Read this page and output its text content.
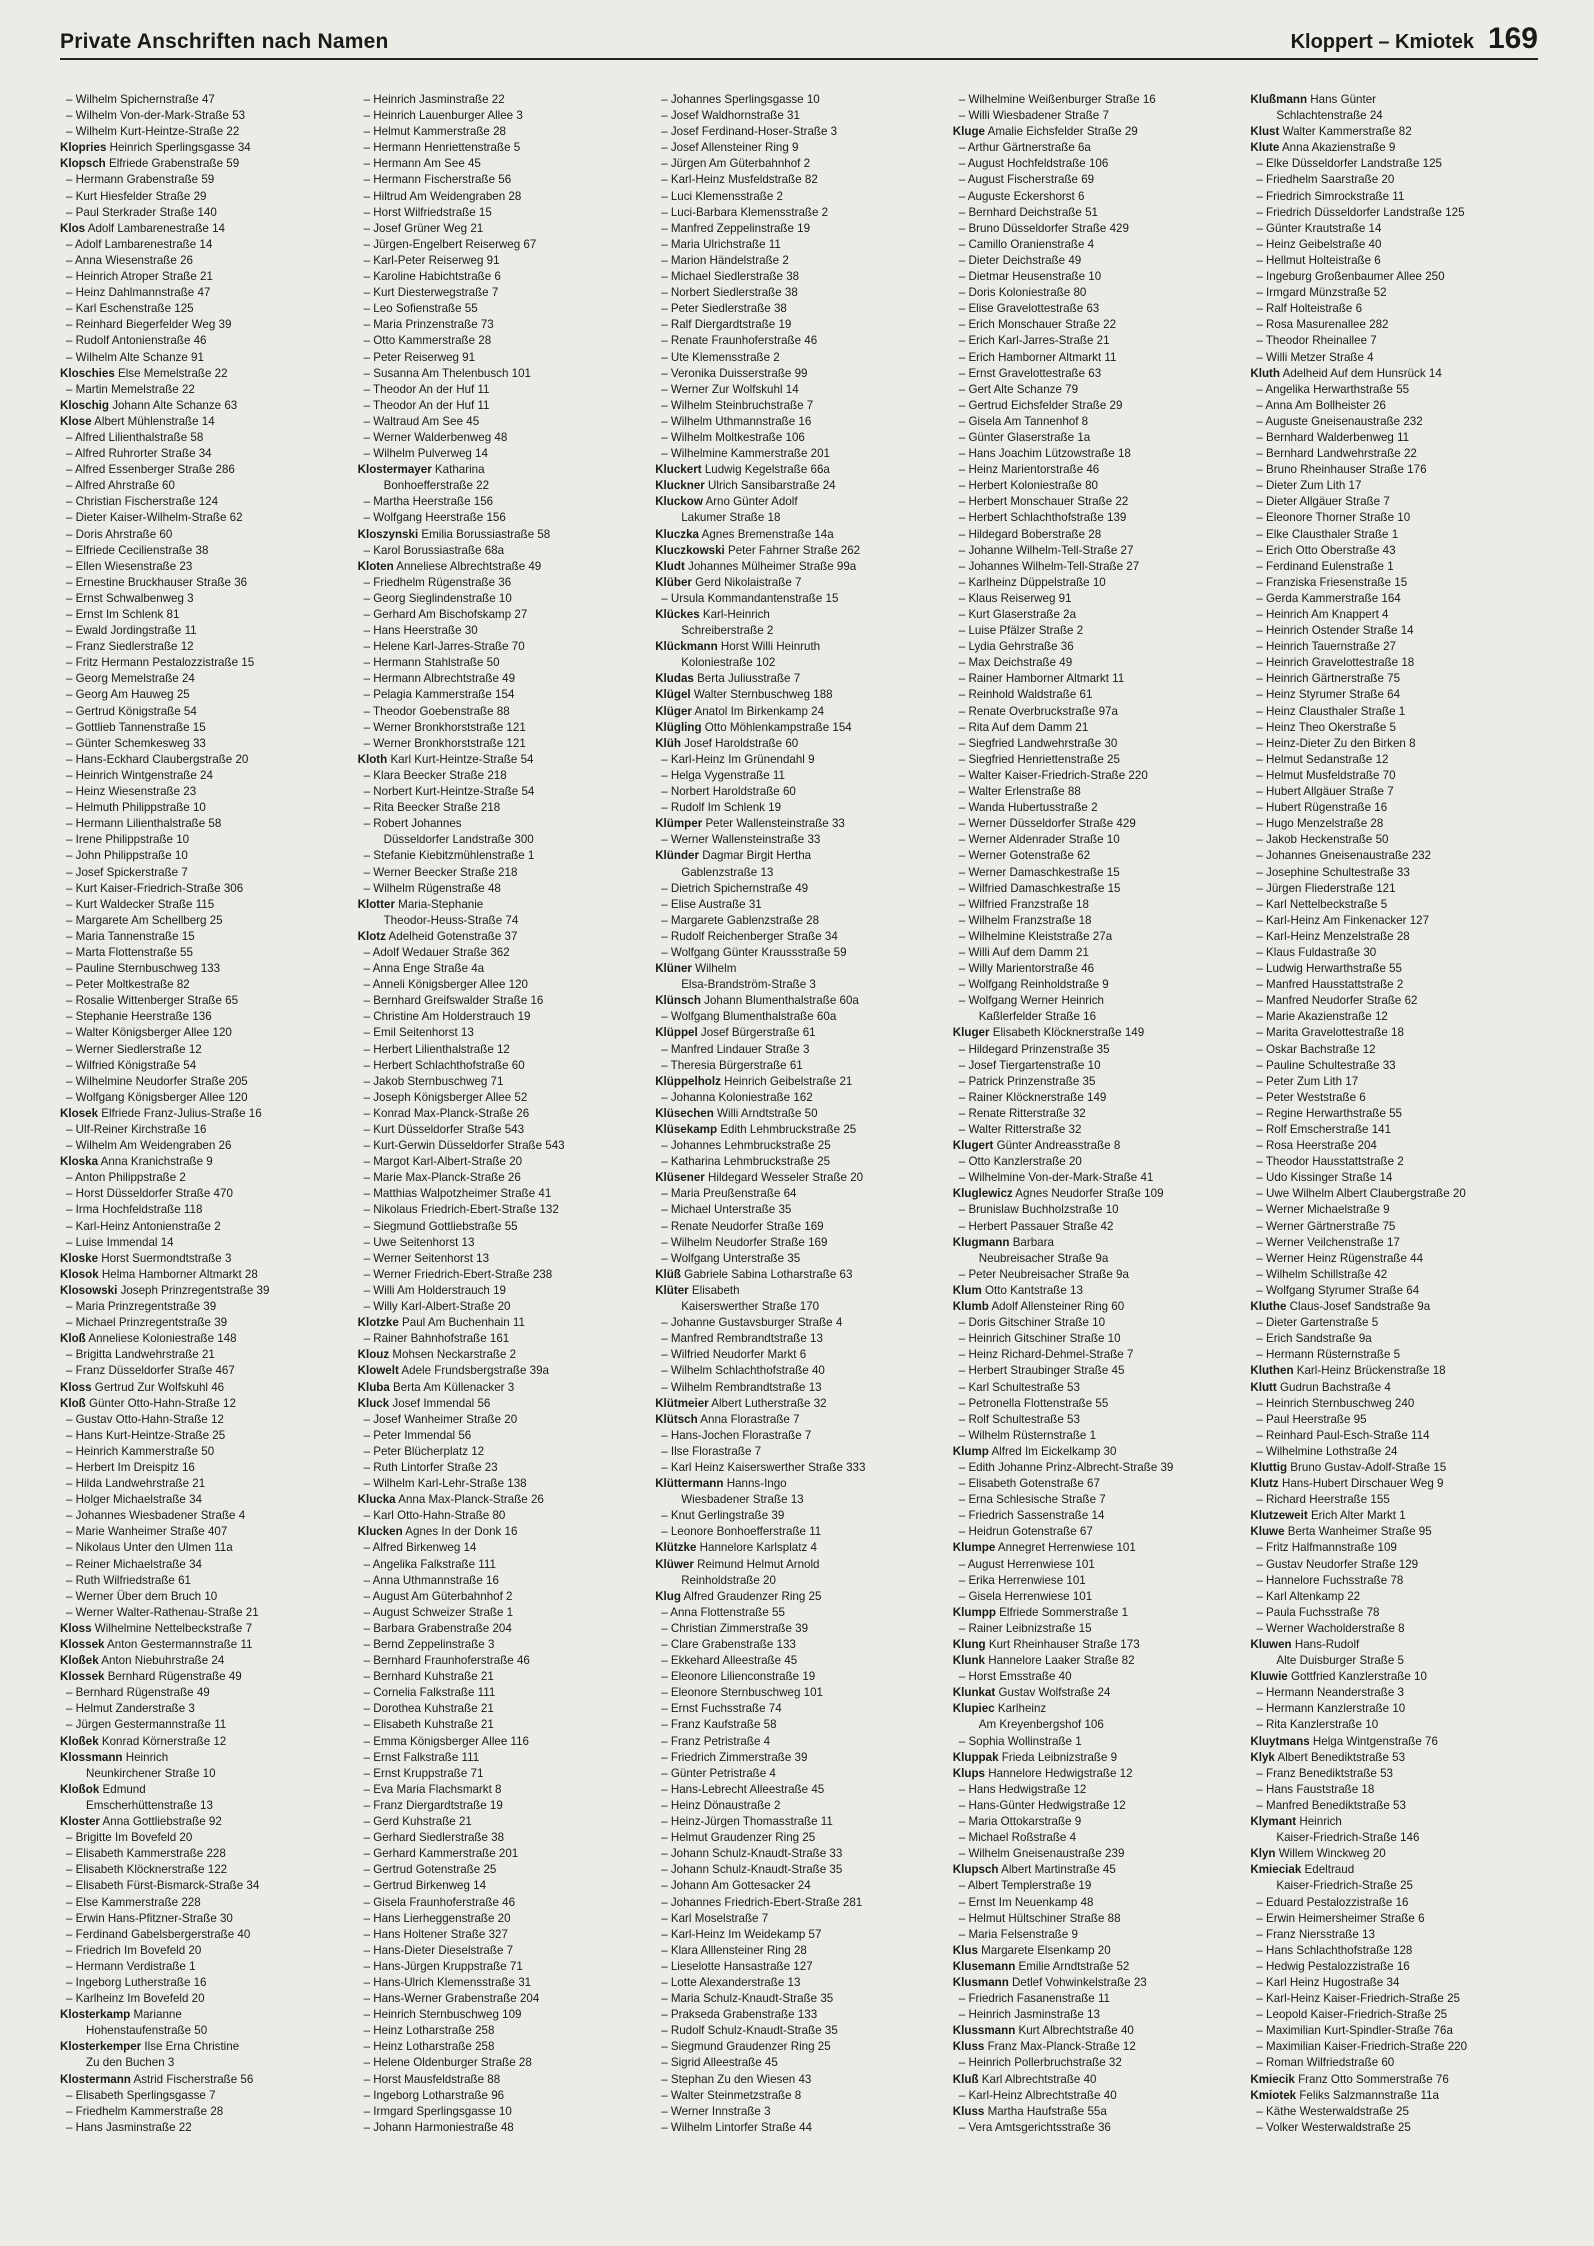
Private Anschriften nach Namen	Kloppert – Kmiotek 169
– Wilhelm Spichernstraße 47
– Wilhelm Von-der-Mark-Straße 53
– Wilhelm Kurt-Heintze-Straße 22
Klopries Heinrich Sperlingsgasse 34
Klopsch Elfriede Grabenstraße 59
– Hermann Grabenstraße 59
– Kurt Hiesfelder Straße 29
– Paul Sterkrader Straße 140
Klos Adolf Lambarenestraße 14
– Adolf Lambarenestraße 14
– Anna Wiesenstraße 26
– Heinrich Atroper Straße 21
– Heinz Dahlmannstraße 47
– Karl Eschenstraße 125
– Reinhard Biegerfelder Weg 39
– Rudolf Antonienstraße 46
– Wilhelm Alte Schanze 91
Kloschies Else Memelstraße 22
– Martin Memelstraße 22
Kloschig Johann Alte Schanze 63
Klose Albert Mühlenstraße 14
– Alfred Lilienthalstraße 58
– Alfred Ruhrorter Straße 34
– Alfred Essenberger Straße 286
– Alfred Ahrstraße 60
– Christian Fischerstraße 124
– Dieter Kaiser-Wilhelm-Straße 62
– Doris Ahrstraße 60
– Elfriede Cecilienstraße 38
– Ellen Wiesenstraße 23
– Ernestine Bruckhauser Straße 36
– Ernst Schwalbenweg 3
– Ernst Im Schlenk 81
– Ewald Jordingstraße 11
– Franz Siedlerstraße 12
– Fritz Hermann Pestalozzistraße 15
– Georg Memelstraße 24
– Georg Am Hauweg 25
– Gertrud Königstraße 54
– Gottlieb Tannenstraße 15
– Günter Schemkesweg 33
– Hans-Eckhard Claubergstraße 20
– Heinrich Wintgenstraße 24
– Heinz Wiesenstraße 23
– Helmuth Philippstraße 10
– Hermann Lilienthalstraße 58
– Irene Philippstraße 10
– John Philippstraße 10
– Josef Spickerstraße 7
– Kurt Kaiser-Friedrich-Straße 306
– Kurt Waldecker Straße 115
– Margarete Am Schellberg 25
– Maria Tannenstraße 15
– Marta Flottenstraße 55
– Pauline Sternbuschweg 133
– Peter Moltkestraße 82
– Rosalie Wittenberger Straße 65
– Stephanie Heerstraße 136
– Walter Königsberger Allee 120
– Werner Siedlerstraße 12
– Wilfried Königstraße 54
– Wilhelmine Neudorfer Straße 205
– Wolfgang Königsberger Allee 120
Klosek Elfriede Franz-Julius-Straße 16
– Ulf-Reiner Kirchstraße 16
– Wilhelm Am Weidengraben 26
Kloska Anna Kranichstraße 9
– Anton Philippstraße 2
– Horst Düsseldorfer Straße 470
– Irma Hochfeldstraße 118
– Karl-Heinz Antonienstraße 2
– Luise Immendal 14
Kloske Horst Suermondtstraße 3
Klosok Helma Hamborner Altmarkt 28
Klosowski Joseph Prinzregentstraße 39
– Maria Prinzregentstraße 39
– Michael Prinzregentstraße 39
Kloß Anneliese Koloniestraße 148
– Brigitta Landwehrstraße 21
– Franz Düsseldorfer Straße 467
Kloss Gertrud Zur Wolfskuhl 46
Kloß Günter Otto-Hahn-Straße 12
– Gustav Otto-Hahn-Straße 12
– Hans Kurt-Heintze-Straße 25
– Heinrich Kammerstraße 50
– Herbert Im Dreispitz 16
– Hilda Landwehrstraße 21
– Holger Michaelstraße 34
– Johannes Wiesbadener Straße 4
– Marie Wanheimer Straße 407
– Nikolaus Unter den Ulmen 11a
– Reiner Michaelstraße 34
– Ruth Wilfriedstraße 61
– Werner Über dem Bruch 10
– Werner Walter-Rathenau-Straße 21
Kloss Wilhelmine Nettelbeckstraße 7
Klossek Anton Gestermannstraße 11
Kloßek Anton Niebuhrstraße 24
Klossek Bernhard Rügenstraße 49
– Bernhard Rügenstraße 49
– Helmut Zanderstraße 3
– Jürgen Gestermannstraße 11
Kloßek Konrad Körnerstraße 12
Klossmann Heinrich
Neunkirchener Straße 10
Kloßok Edmund
Emscherhüttenstraße 13
Kloster Anna Gottliebstraße 92
– Brigitte Im Bovefeld 20
– Elisabeth Kammerstraße 228
– Elisabeth Klöcknerstraße 122
– Elisabeth Fürst-Bismarck-Straße 34
– Else Kammerstraße 228
– Erwin Hans-Pfitzner-Straße 30
– Ferdinand Gabelsbergerstraße 40
– Friedrich Im Bovefeld 20
– Hermann Verdistraße 1
– Ingeborg Lutherstraße 16
– Karlheinz Im Bovefeld 20
Klosterkamp Marianne
Hohenstaufenstraße 50
Klosterkemper Ilse Erna Christine
Zu den Buchen 3
Klostermann Astrid Fischerstraße 56
– Elisabeth Sperlingsgasse 7
– Friedhelm Kammerstraße 28
– Hans Jasminstraße 22
– Heinrich Jasminstraße 22
– Heinrich Lauenburger Allee 3
– Helmut Kammerstraße 28
– Hermann Henriettenstraße 5
– Hermann Am See 45
– Hermann Fischerstraße 56
– Hiltrud Am Weidengraben 28
– Horst Wilfriedstraße 15
– Josef Grüner Weg 21
– Jürgen-Engelbert Reiserweg 67
– Karl-Peter Reiserweg 91
– Karoline Habichtstraße 6
– Kurt Diesterwegstraße 7
– Leo Sofienstraße 55
– Maria Prinzenstraße 73
– Otto Kammerstraße 28
– Peter Reiserweg 91
– Susanna Am Thelenbusch 101
– Theodor An der Huf 11
– Theodor An der Huf 11
– Waltraud Am See 45
– Werner Walderbenweg 48
– Wilhelm Pulverweg 14
Klostermayer Katharina
Bonhoefferstraße 22
– Martha Heerstraße 156
– Wolfgang Heerstraße 156
Kloszynski Emilia Borussiastraße 58
– Karol Borussiastraße 68a
Kloten Anneliese Albrechtstraße 49
– Friedhelm Rügenstraße 36
– Georg Sieglindenstraße 10
– Gerhard Am Bischofskamp 27
– Hans Heerstraße 30
– Helene Karl-Jarres-Straße 70
– Hermann Stahlstraße 50
– Hermann Albrechtstraße 49
– Pelagia Kammerstraße 154
– Theodor Goebenstraße 88
– Werner Bronkhorststraße 121
– Werner Bronkhorststraße 121
Kloth Karl Kurt-Heintze-Straße 54
– Klara Beecker Straße 218
– Norbert Kurt-Heintze-Straße 54
– Rita Beecker Straße 218
– Robert Johannes
Düsseldorfer Landstraße 300
– Stefanie Kiebitzmühlenstraße 1
– Werner Beecker Straße 218
– Wilhelm Rügenstraße 48
Klotter Maria-Stephanie
Theodor-Heuss-Straße 74
Klotz Adelheid Gotenstraße 37
– Adolf Wedauer Straße 362
– Anna Enge Straße 4a
– Anneli Königsberger Allee 120
– Bernhard Greifswalder Straße 16
– Christine Am Holderstrauch 19
– Emil Seitenhorst 13
– Herbert Lilienthalstraße 12
– Herbert Schlachthofstraße 60
– Jakob Sternbuschweg 71
– Joseph Königsberger Allee 52
– Konrad Max-Planck-Straße 26
– Kurt Düsseldorfer Straße 543
– Kurt-Gerwin Düsseldorfer Straße 543
– Margot Karl-Albert-Straße 20
– Marie Max-Planck-Straße 26
– Matthias Walpotzheimer Straße 41
– Nikolaus Friedrich-Ebert-Straße 132
– Siegmund Gottliebstraße 55
– Uwe Seitenhorst 13
– Werner Seitenhorst 13
– Werner Friedrich-Ebert-Straße 238
– Willi Am Holderstrauch 19
– Willy Karl-Albert-Straße 20
Klotzke Paul Am Buchenhain 11
– Rainer Bahnhofstraße 161
Klouz Mohsen Neckarstraße 2
Klowelt Adele Frundsbergstraße 39a
Kluba Berta Am Küllenacker 3
Kluck Josef Immendal 56
– Josef Wanheimer Straße 20
– Peter Immendal 56
– Peter Blücherplatz 12
– Ruth Lintorfer Straße 23
– Wilhelm Karl-Lehr-Straße 138
Klucka Anna Max-Planck-Straße 26
– Karl Otto-Hahn-Straße 80
Klucken Agnes In der Donk 16
– Alfred Birkenweg 14
– Angelika Falkstraße 111
– Anna Uthmannstraße 16
– August Am Güterbahnhof 2
– August Schweizer Straße 1
– Barbara Grabenstraße 204
– Bernd Zeppelinstraße 3
– Bernhard Fraunhoferstraße 46
– Bernhard Kuhstraße 21
– Cornelia Falkstraße 111
– Dorothea Kuhstraße 21
– Elisabeth Kuhstraße 21
– Emma Königsberger Allee 116
– Ernst Falkstraße 111
– Ernst Kruppstraße 71
– Eva Maria Flachsmarkt 8
– Franz Diergardtstraße 19
– Gerd Kuhstraße 21
– Gerhard Siedlerstraße 38
– Gerhard Kammerstraße 201
– Gertrud Gotenstraße 25
– Gertrud Birkenweg 14
– Gisela Fraunhoferstraße 46
– Hans Lierheggenstraße 20
– Hans Holtener Straße 327
– Hans-Dieter Dieselstraße 7
– Hans-Jürgen Kruppstraße 71
– Hans-Ulrich Klemensstraße 31
– Hans-Werner Grabenstraße 204
– Heinrich Sternbuschweg 109
– Heinz Lotharstraße 258
– Heinz Lotharstraße 258
– Helene Oldenburger Straße 28
– Horst Mausfeldstraße 88
– Ingeborg Lotharstraße 96
– Irmgard Sperlingsgasse 10
– Johann Harmoniestraße 48
– Johannes Sperlingsgasse 10
– Josef Waldhornstraße 31
– Josef Ferdinand-Hoser-Straße 3
– Josef Allensteiner Ring 9
– Jürgen Am Güterbahnhof 2
– Karl-Heinz Musfeldstraße 82
– Luci Klemensstraße 2
– Luci-Barbara Klemensstraße 2
– Manfred Zeppelinstraße 19
– Maria Ulrichstraße 11
– Marion Händelstraße 2
– Michael Siedlerstraße 38
– Norbert Siedlerstraße 38
– Peter Siedlerstraße 38
– Ralf Diergardtstraße 19
– Renate Fraunhoferstraße 46
– Ute Klemensstraße 2
– Veronika Duisserstraße 99
– Werner Zur Wolfskuhl 14
– Wilhelm Steinbruchstraße 7
– Wilhelm Uthmannstraße 16
– Wilhelm Moltkestraße 106
– Wilhelmine Kammerstraße 201
Kluckert Ludwig Kegelstraße 66a
Kluckner Ulrich Sansibarstraße 24
Kluckow Arno Günter Adolf
Lakumer Straße 18
Kluczka Agnes Bremenstraße 14a
Kluczkowski Peter Fahrner Straße 262
Kludt Johannes Mülheimer Straße 99a
Klüber Gerd Nikolaistraße 7
– Ursula Kommandantenstraße 15
Klückes Karl-Heinrich
Schreiberstraße 2
Klückmann Horst Willi Heinruth
Koloniestraße 102
Kludas Berta Juliusstraße 7
Klügel Walter Sternbuschweg 188
Klüger Anatol Im Birkenkamp 24
Klügling Otto Möhlenkampstraße 154
Klüh Josef Haroldstraße 60
– Karl-Heinz Im Grünendahl 9
– Helga Vygenstraße 11
– Norbert Haroldstraße 60
– Rudolf Im Schlenk 19
Klümper Peter Wallensteinstraße 33
– Werner Wallensteinstraße 33
Klünder Dagmar Birgit Hertha
Gablenzstraße 13
– Dietrich Spichernstraße 49
– Elise Austraße 31
– Margarete Gablenzstraße 28
– Rudolf Reichenberger Straße 34
– Wolfgang Günter Kraussstraße 59
Klüner Wilhelm
Elsa-Brandström-Straße 3
Klünsch Johann Blumenthalstraße 60a
– Wolfgang Blumenthalstraße 60a
Klüppel Josef Bürgerstraße 61
– Manfred Lindauer Straße 3
– Theresia Bürgerstraße 61
Klüppelholz Heinrich Geibelstraße 21
– Johanna Koloniestraße 162
Klüsechen Willi Arndtstraße 50
Klüsekamp Edith Lehmbruckstraße 25
– Johannes Lehmbruckstraße 25
– Katharina Lehmbruckstraße 25
Klüsener Hildegard Wesseler Straße 20
– Maria Preußenstraße 64
– Michael Unterstraße 35
– Renate Neudorfer Straße 169
– Wilhelm Neudorfer Straße 169
– Wolfgang Unterstraße 35
Klüß Gabriele Sabina Lotharstraße 63
Klüter Elisabeth
Kaiserswerther Straße 170
– Johanne Gustavsburger Straße 4
– Manfred Rembrandtstraße 13
– Wilfried Neudorfer Markt 6
– Wilhelm Schlachthofstraße 40
– Wilhelm Rembrandtstraße 13
Klütmeier Albert Lutherstraße 32
Klütsch Anna Florastraße 7
– Hans-Jochen Florastraße 7
– Ilse Florastraße 7
– Karl Heinz Kaiserswerther Straße 333
Klüttermann Hanns-Ingo
Wiesbadener Straße 13
– Knut Gerlingstraße 39
– Leonore Bonhoefferstraße 11
Klützke Hannelore Karlsplatz 4
Klüwer Reimund Helmut Arnold
Reinholdstraße 20
Klug Alfred Graudenzer Ring 25
– Anna Flottenstraße 55
– Christian Zimmerstraße 39
– Clare Grabenstraße 133
– Ekkehard Alleestraße 45
– Eleonore Lilienconstraße 19
– Eleonore Sternbuschweg 101
– Ernst Fuchsstraße 74
– Franz Kaufstraße 58
– Franz Petristraße 4
– Friedrich Zimmerstraße 39
– Günter Petristraße 4
– Hans-Lebrecht Alleestraße 45
– Heinz Dönaustraße 2
– Heinz-Jürgen Thomasstraße 11
– Helmut Graudenzer Ring 25
– Johann Schulz-Knaudt-Straße 33
– Johann Schulz-Knaudt-Straße 35
– Johann Am Gottesacker 24
– Johannes Friedrich-Ebert-Straße 281
– Karl Moselstraße 7
– Karl-Heinz Im Weidekamp 57
– Klara Alllensteiner Ring 28
– Lieselotte Hansastraße 127
– Lotte Alexanderstraße 13
– Maria Schulz-Knaudt-Straße 35
– Prakseda Grabenstraße 133
– Rudolf Schulz-Knaudt-Straße 35
– Siegmund Graudenzer Ring 25
– Sigrid Alleestraße 45
– Stephan Zu den Wiesen 43
– Walter Steinmetzstraße 8
– Werner Innstraße 3
– Wilhelm Lintorfer Straße 44
– Wilhelmine Weißenburger Straße 16
– Willi Wiesbadener Straße 7
Kluge Amalie Eichsfelder Straße 29
– Arthur Gärtnerstraße 6a
– August Hochfeldstraße 106
– August Fischerstraße 69
– Auguste Eckershorst 6
– Bernhard Deichstraße 51
– Bruno Düsseldorfer Straße 429
– Camillo Oranienstraße 4
– Dieter Deichstraße 49
– Dietmar Heusenstraße 10
– Doris Koloniestraße 80
– Elise Gravelottestraße 63
– Erich Monschauer Straße 22
– Erich Karl-Jarres-Straße 21
– Erich Hamborner Altmarkt 11
– Ernst Gravelottestraße 63
– Gert Alte Schanze 79
– Gertrud Eichsfelder Straße 29
– Gisela Am Tannenhof 8
– Günter Glaserstraße 1a
– Hans Joachim Lützowstraße 18
– Heinz Marientorstraße 46
– Herbert Koloniestraße 80
– Herbert Monschauer Straße 22
– Herbert Schlachthofstraße 139
– Hildegard Boberstraße 28
– Johanne Wilhelm-Tell-Straße 27
– Johannes Wilhelm-Tell-Straße 27
– Karlheinz Düppelstraße 10
– Klaus Reiserweg 91
– Kurt Glaserstraße 2a
– Luise Pfälzer Straße 2
– Lydia Gehrstraße 36
– Max Deichstraße 49
– Rainer Hamborner Altmarkt 11
– Reinhold Waldstraße 61
– Renate Overbruckstraße 97a
– Rita Auf dem Damm 21
– Siegfried Landwehrstraße 30
– Siegfried Henriettenstraße 25
– Walter Kaiser-Friedrich-Straße 220
– Walter Erlenstraße 88
– Wanda Hubertusstraße 2
– Werner Düsseldorfer Straße 429
– Werner Aldenrader Straße 10
– Werner Gotenstraße 62
– Werner Damaschkestraße 15
– Wilfried Damaschkestraße 15
– Wilfried Franzstraße 18
– Wilhelm Franzstraße 18
– Wilhelmine Kleiststraße 27a
– Willi Auf dem Damm 21
– Willy Marientorstraße 46
– Wolfgang Reinholdstraße 9
– Wolfgang Werner Heinrich
Kaßlerfelder Straße 16
Kluger Elisabeth Klöcknerstraße 149
– Hildegard Prinzenstraße 35
– Josef Tiergartenstraße 10
– Patrick Prinzenstraße 35
– Rainer Klöcknerstraße 149
– Renate Ritterstraße 32
– Walter Ritterstraße 32
Klugert Günter Andreasstraße 8
– Otto Kanzlerstraße 20
– Wilhelmine Von-der-Mark-Straße 41
Kluglewicz Agnes Neudorfer Straße 109
– Brunislaw Buchholzstraße 10
– Herbert Passauer Straße 42
Klugmann Barbara
Neubreisacher Straße 9a
– Peter Neubreisacher Straße 9a
Klum Otto Kantstraße 13
Klumb Adolf Allensteiner Ring 60
– Doris Gitschiner Straße 10
– Heinrich Gitschiner Straße 10
– Heinz Richard-Dehmel-Straße 7
– Herbert Straubinger Straße 45
– Karl Schultestraße 53
– Petronella Flottenstraße 55
– Rolf Schultestraße 53
– Wilhelm Rüsternstraße 1
Klump Alfred Im Eickelkamp 30
– Edith Johanne Prinz-Albrecht-Straße 39
– Elisabeth Gotenstraße 67
– Erna Schlesische Straße 7
– Friedrich Sassenstraße 14
– Heidrun Gotenstraße 67
Klumpe Annegret Herrenwiese 101
– August Herrenwiese 101
– Erika Herrenwiese 101
– Gisela Herrenwiese 101
Klumpp Elfriede Sommerstraße 1
– Rainer Leibnizstraße 15
Klung Kurt Rheinhauser Straße 173
Klunk Hannelore Laaker Straße 82
– Horst Emsstraße 40
Klunkat Gustav Wolfstraße 24
Klupiec Karlheinz
Am Kreyenbergshof 106
– Sophia Wollinstraße 1
Kluppak Frieda Leibnizstraße 9
Klups Hannelore Hedwigstraße 12
– Hans Hedwigstraße 12
– Hans-Günter Hedwigstraße 12
– Maria Ottokarstraße 9
– Michael Roßstraße 4
– Wilhelm Gneisenaustraße 239
Klupsch Albert Martinstraße 45
– Albert Templerstraße 19
– Ernst Im Neuenkamp 48
– Helmut Hültschiner Straße 88
– Maria Felsenstraße 9
Klus Margarete Elsenkamp 20
Klusemann Emilie Arndtstraße 52
Klusmann Detlef Vohwinkelstraße 23
– Friedrich Fasanenstraße 11
– Heinrich Jasminstraße 13
Klussmann Kurt Albrechtstraße 40
Kluss Franz Max-Planck-Straße 12
– Heinrich Pollerbruchstraße 32
Kluß Karl Albrechtstraße 40
– Karl-Heinz Albrechtstraße 40
Kluss Martha Haufstraße 55a
– Vera Amtsgerichtsstraße 36
Klußmann Hans Günter
Schlachtenstraße 24
Klust Walter Kammerstraße 82
Klute Anna Akazienstraße 9
– Elke Düsseldorfer Landstraße 125
– Friedhelm Saarstraße 20
– Friedrich Simrockstraße 11
– Friedrich Düsseldorfer Landstraße 125
– Günter Krautstraße 14
– Heinz Geibelstraße 40
– Hellmut Holteistraße 6
– Ingeburg Großenbaumer Allee 250
– Irmgard Münzstraße 52
– Ralf Holteistraße 6
– Rosa Masurenallee 282
– Theodor Rheinallee 7
– Willi Metzer Straße 4
Kluth Adelheid Auf dem Hunsrück 14
– Angelika Herwarthstraße 55
– Anna Am Bollheister 26
– Auguste Gneisenaustraße 232
– Bernhard Walderbenweg 11
– Bernhard Landwehrstraße 22
– Bruno Rheinhauser Straße 176
– Dieter Zum Lith 17
– Dieter Allgäuer Straße 7
– Eleonore Thorner Straße 10
– Elke Clausthaler Straße 1
– Erich Otto Oberstraße 43
– Ferdinand Eulenstraße 1
– Franziska Friesenstraße 15
– Gerda Kammerstraße 164
– Heinrich Am Knappert 4
– Heinrich Ostender Straße 14
– Heinrich Tauernstraße 27
– Heinrich Gravelottestraße 18
– Heinrich Gärtnerstraße 75
– Heinz Styrumer Straße 64
– Heinz Clausthaler Straße 1
– Heinz Theo Okerstraße 5
– Heinz-Dieter Zu den Birken 8
– Helmut Sedanstraße 12
– Helmut Musfeldstraße 70
– Hubert Allgäuer Straße 7
– Hubert Rügenstraße 16
– Hugo Menzelstraße 28
– Jakob Heckenstraße 50
– Johannes Gneisenaustraße 232
– Josephine Schultestraße 33
– Jürgen Fliederstraße 121
– Karl Nettelbeckstraße 5
– Karl-Heinz Am Finkenacker 127
– Karl-Heinz Menzelstraße 28
– Klaus Fuldastraße 30
– Ludwig Herwarthstraße 55
– Manfred Hausstattstraße 2
– Manfred Neudorfer Straße 62
– Marie Akazienstraße 12
– Marita Gravelottestraße 18
– Oskar Bachstraße 12
– Pauline Schultestraße 33
– Peter Zum Lith 17
– Peter Weststraße 6
– Regine Herwarthstraße 55
– Rolf Emscherstraße 141
– Rosa Heerstraße 204
– Theodor Hausstattstraße 2
– Udo Kissinger Straße 14
– Uwe Wilhelm Albert Claubergstraße 20
– Werner Michaelstraße 9
– Werner Gärtnerstraße 75
– Werner Veilchenstraße 17
– Werner Heinz Rügenstraße 44
– Wilhelm Schillstraße 42
– Wolfgang Styrumer Straße 64
Kluthe Claus-Josef Sandstraße 9a
– Dieter Gartenstraße 5
– Erich Sandstraße 9a
– Hermann Rüsternstraße 5
Kluthen Karl-Heinz Brückenstraße 18
Klutt Gudrun Bachstraße 4
– Heinrich Sternbuschweg 240
– Paul Heerstraße 95
– Reinhard Paul-Esch-Straße 114
– Wilhelmine Lothstraße 24
Kluttig Bruno Gustav-Adolf-Straße 15
Klutz Hans-Hubert Dirschauer Weg 9
– Richard Heerstraße 155
Klutzeweit Erich Alter Markt 1
Kluwe Berta Wanheimer Straße 95
– Fritz Halfmannstraße 109
– Gustav Neudorfer Straße 129
– Hannelore Fuchsstraße 78
– Karl Altenkamp 22
– Paula Fuchsstraße 78
– Werner Wacholderstraße 8
Kluwen Hans-Rudolf
Alte Duisburger Straße 5
Kluwie Gottfried Kanzlerstraße 10
– Hermann Neanderstraße 3
– Hermann Kanzlerstraße 10
– Rita Kanzlerstraße 10
Kluytmans Helga Wintgenstraße 76
Klyk Albert Benediktstraße 53
– Franz Benediktstraße 53
– Hans Fauststraße 18
– Manfred Benediktstraße 53
Klymant Heinrich
Kaiser-Friedrich-Straße 146
Klyn Willem Winckweg 20
Kmieciak Edeltraud
Kaiser-Friedrich-Straße 25
– Eduard Pestalozzistraße 16
– Erwin Heimersheimer Straße 6
– Franz Niersstraße 13
– Hans Schlachthofstraße 128
– Hedwig Pestalozzistraße 16
– Karl Heinz Hugostraße 34
– Karl-Heinz Kaiser-Friedrich-Straße 25
– Leopold Kaiser-Friedrich-Straße 25
– Maximilian Kurt-Spindler-Straße 76a
– Maximilian Kaiser-Friedrich-Straße 220
– Roman Wilfriedstraße 60
Kmiecik Franz Otto Sommerstraße 76
Kmiotek Feliks Salzmannstraße 11a
– Käthe Westerwaldstraße 25
– Volker Westerwaldstraße 25
